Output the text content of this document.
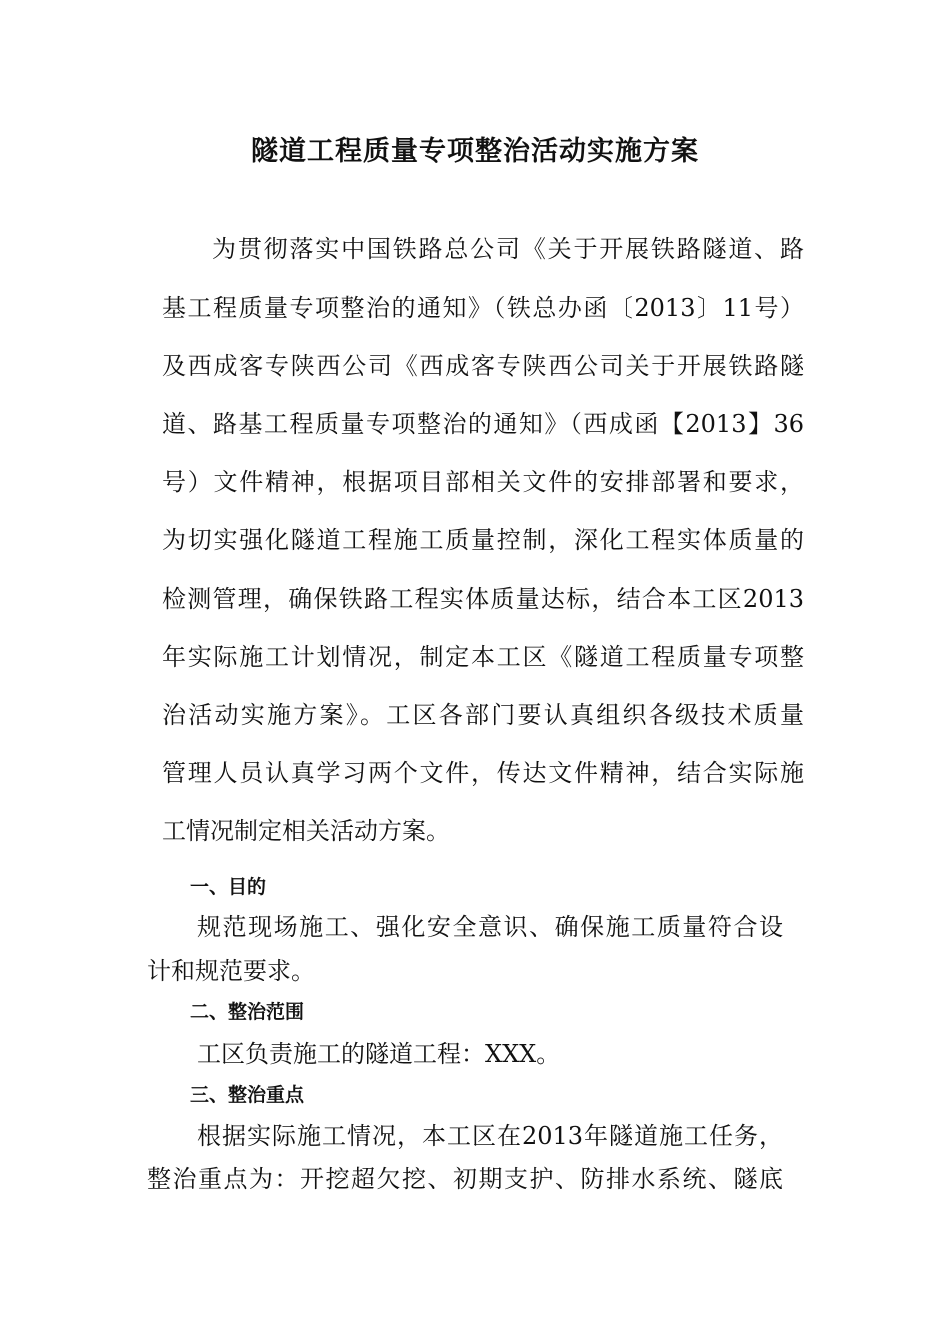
隧道工程质量专项整治活动实施方案
为贯彻落实中国铁路总公司《关于开展铁路隧道、路
基工程质量专项整治的通知》（铁总办函〔2013〕11号）
及西成客专陕西公司《西成客专陕西公司关于开展铁路隧
道、路基工程质量专项整治的通知》（西成函【2013】36
号）文件精神，根据项目部相关文件的安排部署和要求，
为切实强化隧道工程施工质量控制，深化工程实体质量的
检测管理，确保铁路工程实体质量达标，结合本工区2013
年实际施工计划情况，制定本工区《隧道工程质量专项整
治活动实施方案》。工区各部门要认真组织各级技术质量
管理人员认真学习两个文件，传达文件精神，结合实际施
工情况制定相关活动方案。
一、目的
规范现场施工、强化安全意识、确保施工质量符合设
计和规范要求。
二、整治范围
工区负责施工的隧道工程：XXX。
三、整治重点
根据实际施工情况，本工区在2013年隧道施工任务，
整治重点为：开挖超欠挖、初期支护、防排水系统、隧底
